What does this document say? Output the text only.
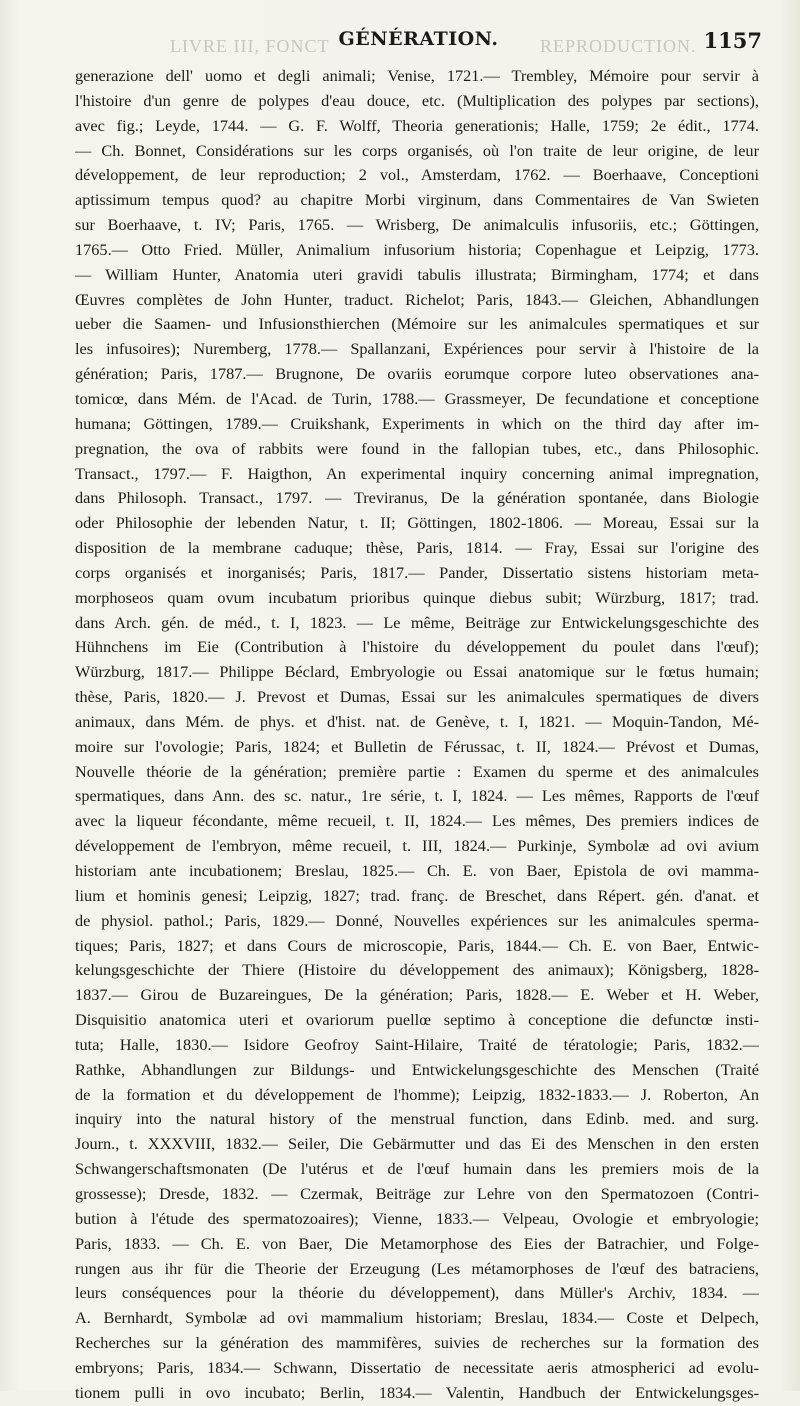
LIVRE III, FONCT	REPRODUCTION.
GÉNÉRATION.	1157
generazione dell' uomo et degli animali; Venise, 1721.— Trembley, Mémoire pour servir à
l'histoire d'un genre de polypes d'eau douce, etc. (Multiplication des polypes par sections),
avec fig.; Leyde, 1744. — G. F. Wolff, Theoria generationis; Halle, 1759; 2e édit., 1774.
— Ch. Bonnet, Considérations sur les corps organisés, où l'on traite de leur origine, de leur
développement, de leur reproduction; 2 vol., Amsterdam, 1762. — Boerhaave, Conceptioni
aptissimum tempus quod? au chapitre Morbi virginum, dans Commentaires de Van Swieten
sur Boerhaave, t. IV; Paris, 1765. — Wrisberg, De animalculis infusoriis, etc.; Göttingen,
1765.— Otto Fried. Müller, Animalium infusorium historia; Copenhague et Leipzig, 1773.
— William Hunter, Anatomia uteri gravidi tabulis illustrata; Birmingham, 1774; et dans
Œuvres complètes de John Hunter, traduct. Richelot; Paris, 1843.— Gleichen, Abhandlungen
ueber die Saamen- und Infusionsthierchen (Mémoire sur les animalcules spermatiques et sur
les infusoires); Nuremberg, 1778.— Spallanzani, Expériences pour servir à l'histoire de la
génération; Paris, 1787.— Brugnone, De ovariis eorumque corpore luteo observationes ana-
tomicœ, dans Mém. de l'Acad. de Turin, 1788.— Grassmeyer, De fecundatione et conceptione
humana; Göttingen, 1789.— Cruikshank, Experiments in which on the third day after im-
pregnation, the ova of rabbits were found in the fallopian tubes, etc., dans Philosophic.
Transact., 1797.— F. Haigthon, An experimental inquiry concerning animal impregnation,
dans Philosoph. Transact., 1797. — Treviranus, De la génération spontanée, dans Biologie
oder Philosophie der lebenden Natur, t. II; Göttingen, 1802-1806. — Moreau, Essai sur la
disposition de la membrane caduque; thèse, Paris, 1814. — Fray, Essai sur l'origine des
corps organisés et inorganisés; Paris, 1817.— Pander, Dissertatio sistens historiam meta-
morphoseos quam ovum incubatum prioribus quinque diebus subit; Würzburg, 1817; trad.
dans Arch. gén. de méd., t. I, 1823. — Le même, Beiträge zur Entwickelungsgeschichte des
Hühnchens im Eie (Contribution à l'histoire du développement du poulet dans l'œuf);
Würzburg, 1817.— Philippe Béclard, Embryologie ou Essai anatomique sur le fœtus humain;
thèse, Paris, 1820.— J. Prevost et Dumas, Essai sur les animalcules spermatiques de divers
animaux, dans Mém. de phys. et d'hist. nat. de Genève, t. I, 1821. — Moquin-Tandon, Mé-
moire sur l'ovologie; Paris, 1824; et Bulletin de Férussac, t. II, 1824.— Prévost et Dumas,
Nouvelle théorie de la génération; première partie : Examen du sperme et des animalcules
spermatiques, dans Ann. des sc. natur., 1re série, t. I, 1824. — Les mêmes, Rapports de l'œuf
avec la liqueur fécondante, même recueil, t. II, 1824.— Les mêmes, Des premiers indices de
développement de l'embryon, même recueil, t. III, 1824.— Purkinje, Symbolæ ad ovi avium
historiam ante incubationem; Breslau, 1825.— Ch. E. von Baer, Epistola de ovi mamma-
lium et hominis genesi; Leipzig, 1827; trad. franç. de Breschet, dans Répert. gén. d'anat. et
de physiol. pathol.; Paris, 1829.— Donné, Nouvelles expériences sur les animalcules sperma-
tiques; Paris, 1827; et dans Cours de microscopie, Paris, 1844.— Ch. E. von Baer, Entwic-
kelungsgeschichte der Thiere (Histoire du développement des animaux); Königsberg, 1828-
1837.— Girou de Buzareingues, De la génération; Paris, 1828.— E. Weber et H. Weber,
Disquisitio anatomica uteri et ovariorum puellœ septimo à conceptione die defunctœ insti-
tuta; Halle, 1830.— Isidore Geofroy Saint-Hilaire, Traité de tératologie; Paris, 1832.—
Rathke, Abhandlungen zur Bildungs- und Entwickelungsgeschichte des Menschen (Traité
de la formation et du développement de l'homme); Leipzig, 1832-1833.— J. Roberton, An
inquiry into the natural history of the menstrual function, dans Edinb. med. and surg.
Journ., t. XXXVIII, 1832.— Seiler, Die Gebärmutter und das Ei des Menschen in den ersten
Schwangerschaftsmonaten (De l'utérus et de l'œuf humain dans les premiers mois de la
grossesse); Dresde, 1832. — Czermak, Beiträge zur Lehre von den Spermatozoen (Contri-
bution à l'étude des spermatozoaires); Vienne, 1833.— Velpeau, Ovologie et embryologie;
Paris, 1833. — Ch. E. von Baer, Die Metamorphose des Eies der Batrachier, und Folge-
rungen aus ihr für die Theorie der Erzeugung (Les métamorphoses de l'œuf des batraciens,
leurs conséquences pour la théorie du développement), dans Müller's Archiv, 1834. —
A. Bernhardt, Symbolæ ad ovi mammalium historiam; Breslau, 1834.— Coste et Delpech,
Recherches sur la génération des mammifères, suivies de recherches sur la formation des
embryons; Paris, 1834.— Schwann, Dissertatio de necessitate aeris atmospherici ad evolu-
tionem pulli in ovo incubato; Berlin, 1834.— Valentin, Handbuch der Entwickelungsges-
